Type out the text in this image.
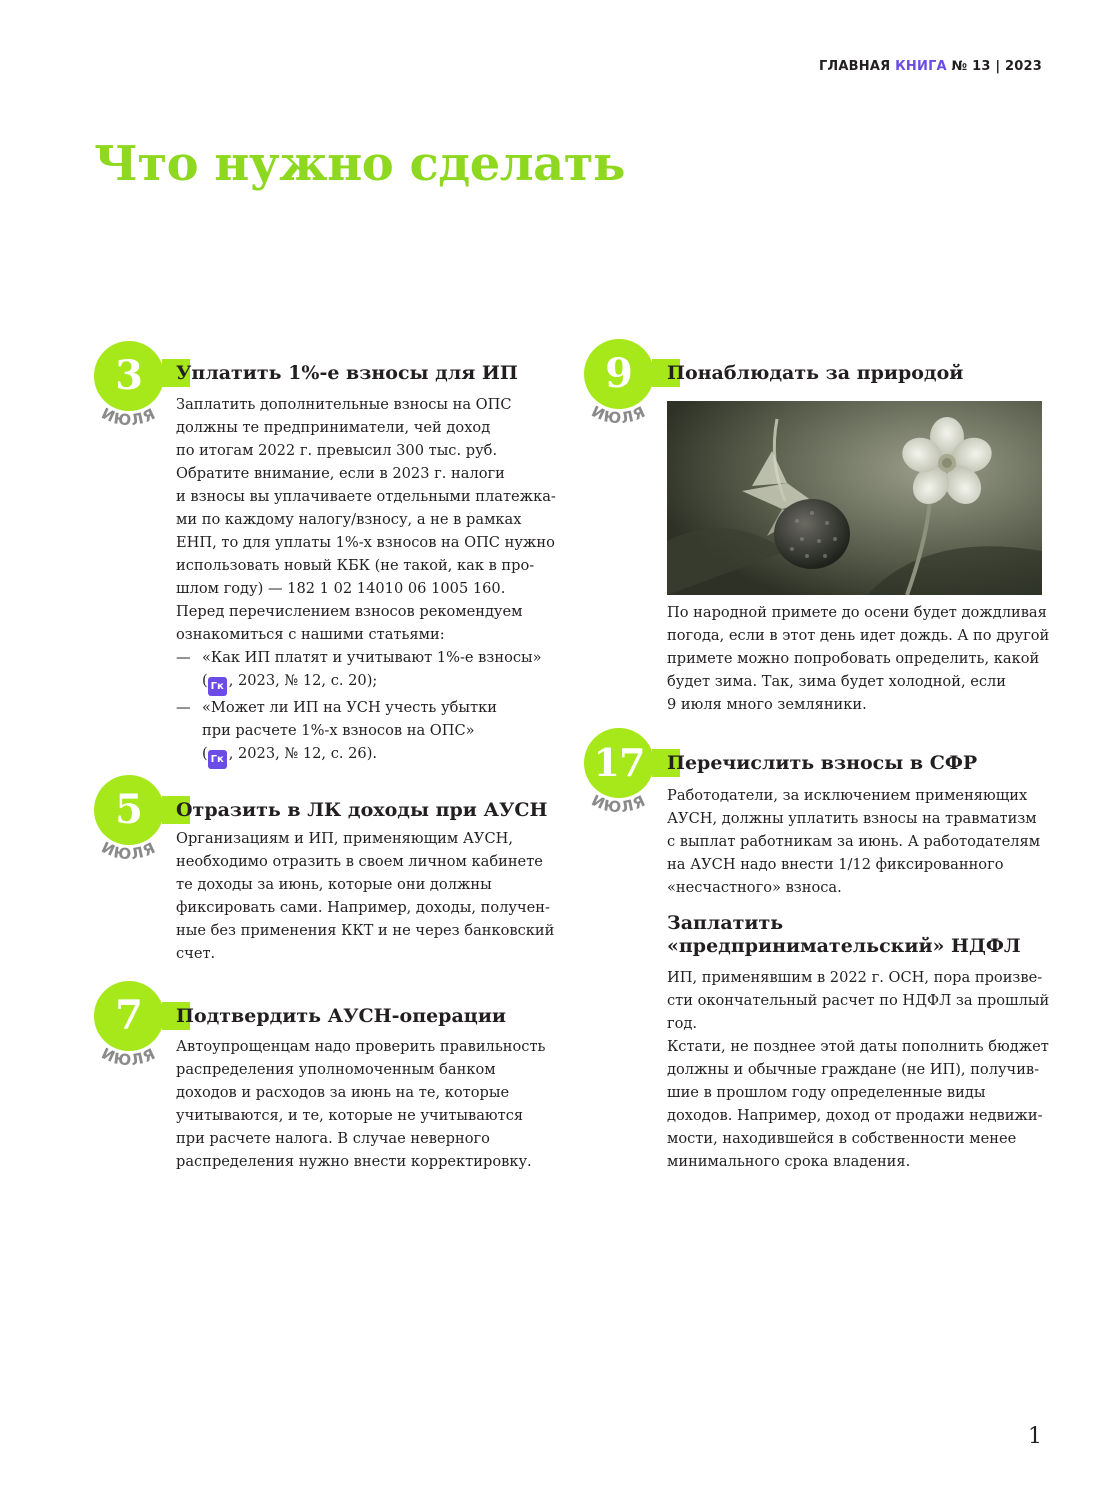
ГЛАВНАЯ КНИГА № 13 | 2023
Что нужно сделать
3
ИЮЛЯ
Уплатить 1%-е взносы для ИП

Заплатить дополнительные взносы на ОПС

должны те предприниматели, чей доход

по итогам 2022 г. превысил 300 тыс. руб.

Обратите внимание, если в 2023 г. налоги

и взносы вы уплачиваете отдельными платежка-

ми по каждому налогу/взносу, а не в рамках

ЕНП, то для уплаты 1%-х взносов на ОПС нужно

использовать новый КБК (не такой, как в про-

шлом году) — 182 1 02 14010 06 1005 160.

Перед перечислением взносов рекомендуем

ознакомиться с нашими статьями:

— «Как ИП платят и учитывают 1%-е взносы»

( Гк , 2023, № 12, с. 20);

— «Может ли ИП на УСН учесть убытки

при расчете 1%-х взносов на ОПС»

( Гк , 2023, № 12, с. 26).

5
ИЮЛЯ
Отразить в ЛК доходы при АУСН

Организациям и ИП, применяющим АУСН,

необходимо отразить в своем личном кабинете

те доходы за июнь, которые они должны

фиксировать сами. Например, доходы, получен-

ные без применения ККТ и не через банковский

счет.

7
ИЮЛЯ
Подтвердить АУСН-операции

Автоупрощенцам надо проверить правильность

распределения уполномоченным банком

доходов и расходов за июнь на те, которые

учитываются, и те, которые не учитываются

при расчете налога. В случае неверного

распределения нужно внести корректировку.

9
ИЮЛЯ
Понаблюдать за природой

По народной примете до осени будет дождливая

погода, если в этот день идет дождь. А по другой

примете можно попробовать определить, какой

будет зима. Так, зима будет холодной, если

9 июля много земляники.

17
ИЮЛЯ
Перечислить взносы в СФР

Работодатели, за исключением применяющих

АУСН, должны уплатить взносы на травматизм

с выплат работникам за июнь. А работодателям

на АУСН надо внести 1/12 фиксированного

«несчастного» взноса.

Заплатить
«предпринимательский» НДФЛ

ИП, применявшим в 2022 г. ОСН, пора произве-

сти окончательный расчет по НДФЛ за прошлый

год.

Кстати, не позднее этой даты пополнить бюджет

должны и обычные граждане (не ИП), получив-

шие в прошлом году определенные виды

доходов. Например, доход от продажи недвижи-

мости, находившейся в собственности менее

минимального срока владения.

1
